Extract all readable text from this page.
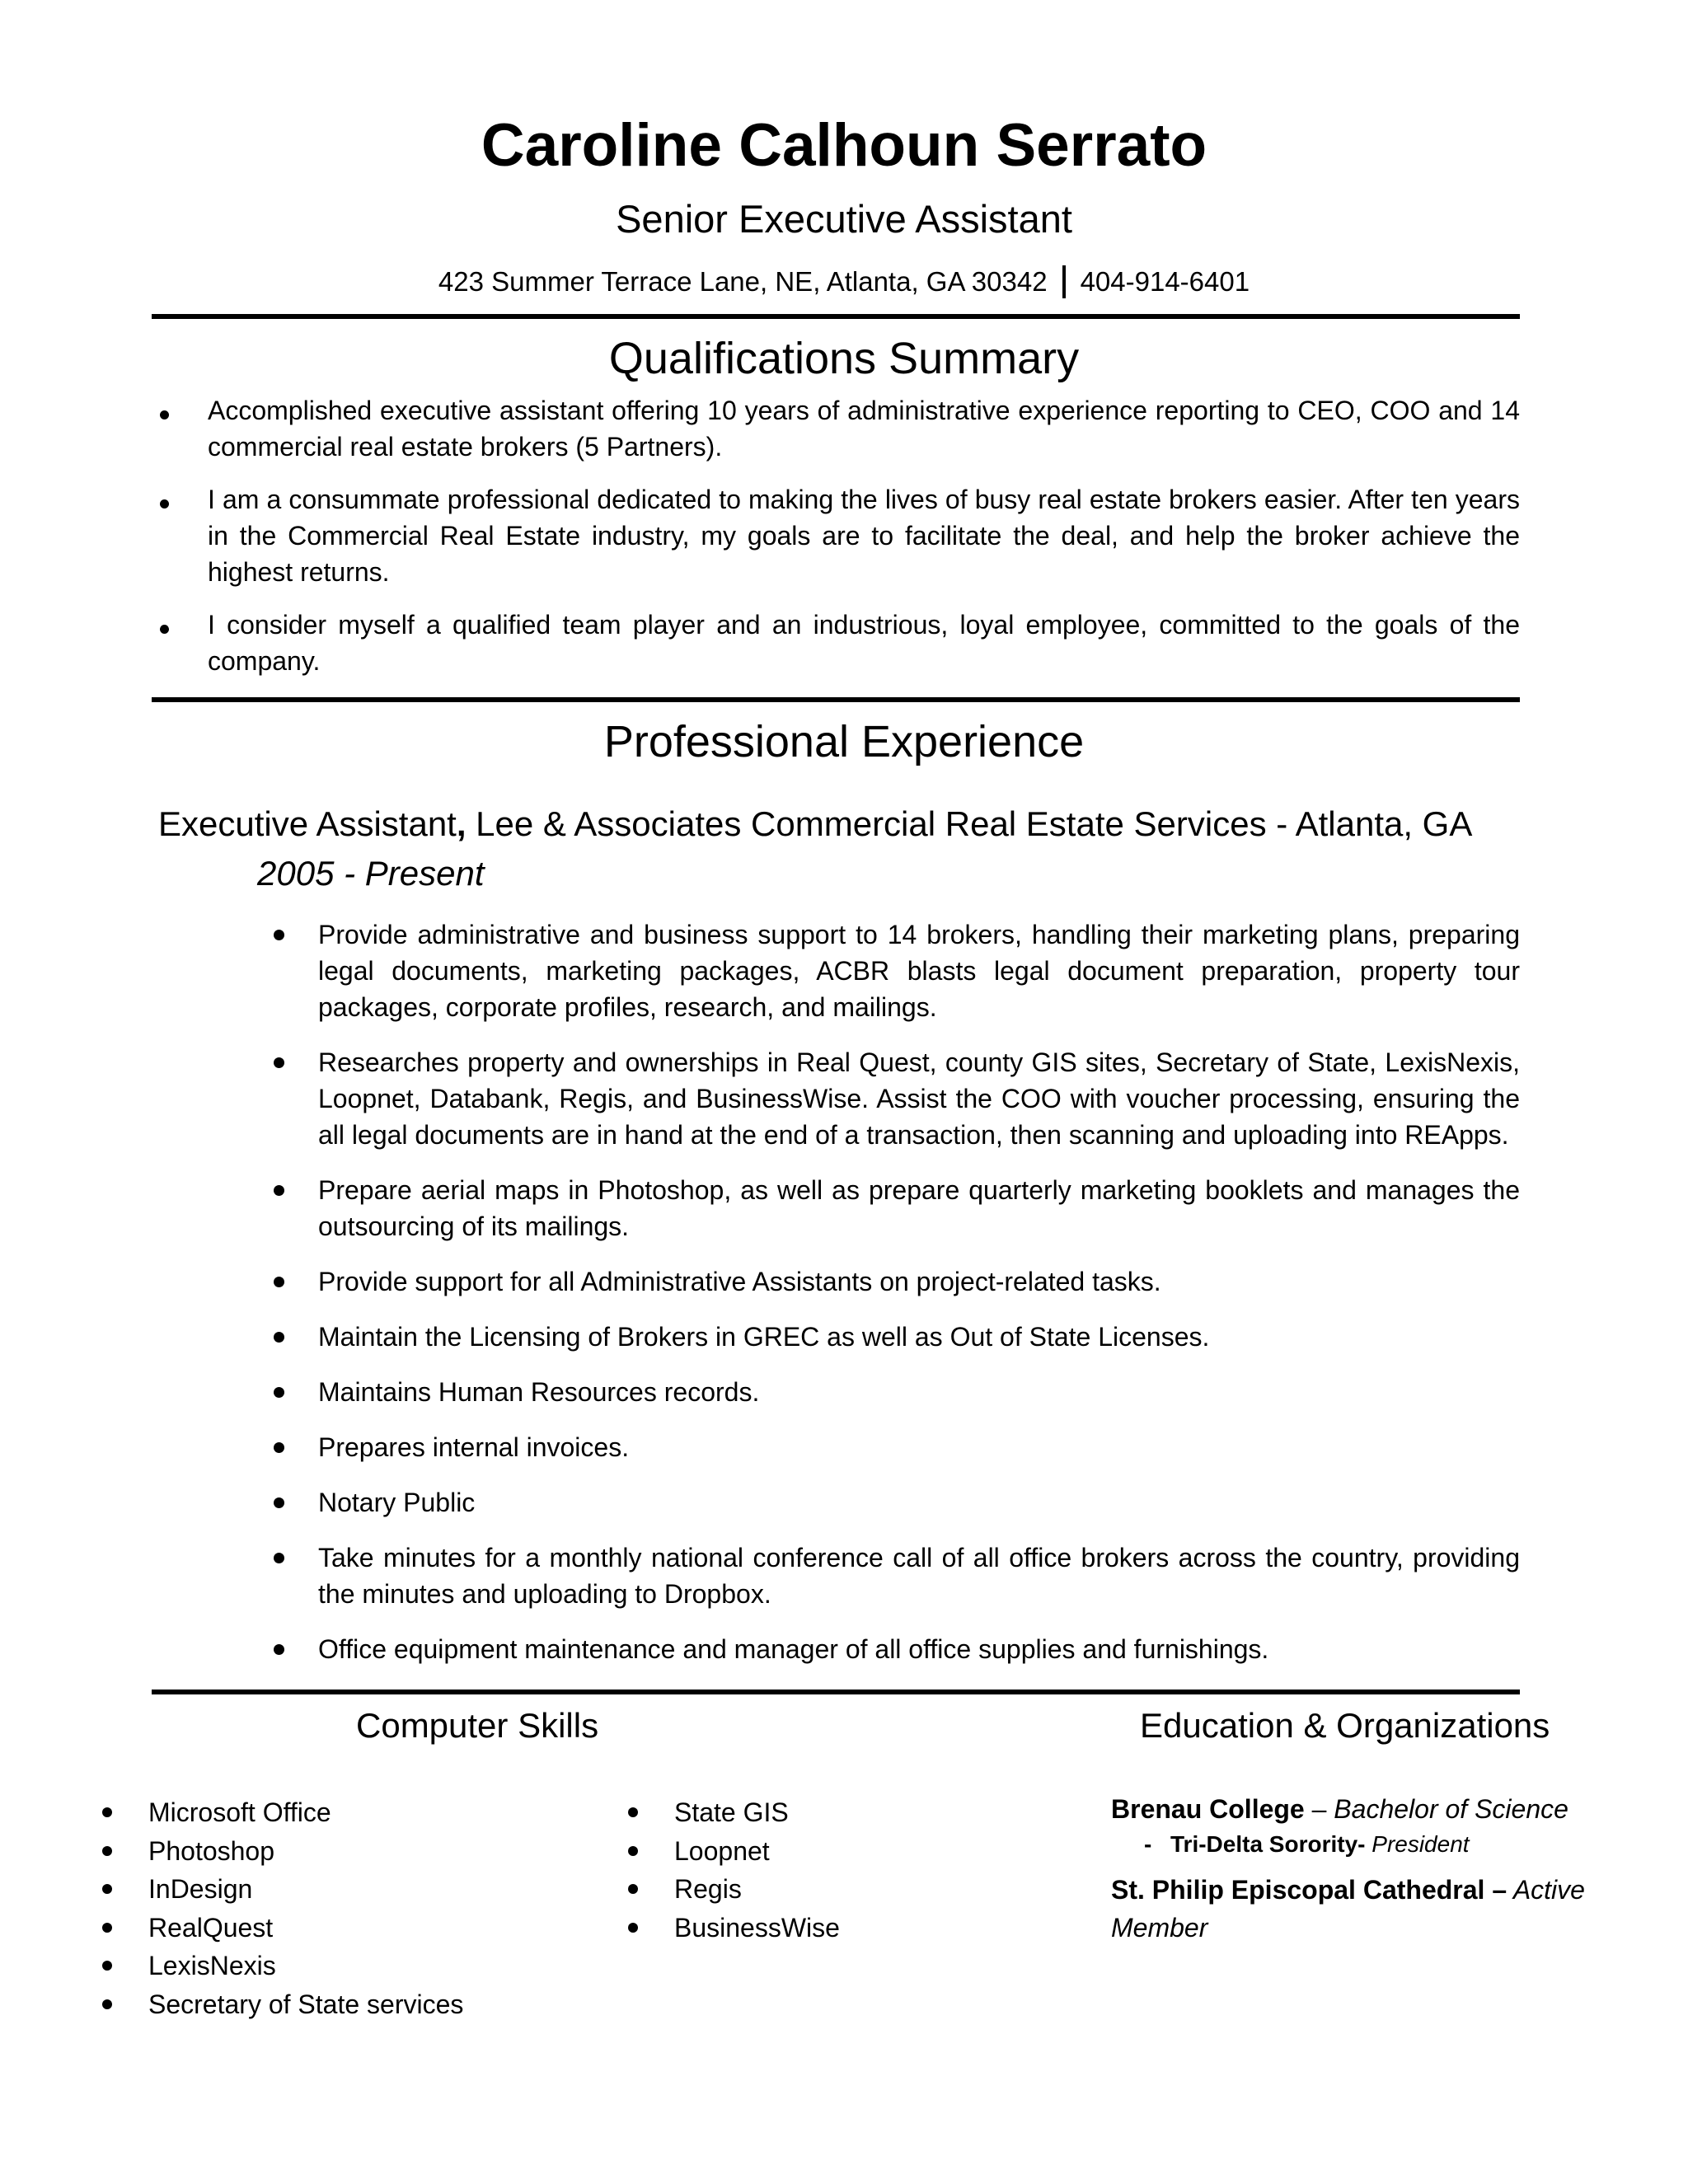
Caroline Calhoun Serrato
Senior Executive Assistant
423 Summer Terrace Lane, NE, Atlanta, GA 30342 404-914-6401
Qualifications Summary
Accomplished executive assistant offering 10 years of administrative experience reporting to CEO, COO and 14 commercial real estate brokers (5 Partners).
I am a consummate professional dedicated to making the lives of busy real estate brokers easier. After ten years in the Commercial Real Estate industry, my goals are to facilitate the deal, and help the broker achieve the highest returns.
I consider myself a qualified team player and an industrious, loyal employee, committed to the goals of the company.
Professional Experience
Executive Assistant, Lee & Associates Commercial Real Estate Services - Atlanta, GA
2005 - Present
Provide administrative and business support to 14 brokers, handling their marketing plans, preparing legal documents, marketing packages, ACBR blasts legal document preparation, property tour packages, corporate profiles, research, and mailings.
Researches property and ownerships in Real Quest, county GIS sites, Secretary of State, LexisNexis, Loopnet, Databank, Regis, and BusinessWise. Assist the COO with voucher processing, ensuring the all legal documents are in hand at the end of a transaction, then scanning and uploading into REApps.
Prepare aerial maps in Photoshop, as well as prepare quarterly marketing booklets and manages the outsourcing of its mailings.
Provide support for all Administrative Assistants on project-related tasks.
Maintain the Licensing of Brokers in GREC as well as Out of State Licenses.
Maintains Human Resources records.
Prepares internal invoices.
Notary Public
Take minutes for a monthly national conference call of all office brokers across the country, providing the minutes and uploading to Dropbox.
Office equipment maintenance and manager of all office supplies and furnishings.
Computer Skills	Education & Organizations
Microsoft Office
Photoshop
InDesign
RealQuest
LexisNexis
Secretary of State services
State GIS
Loopnet
Regis
BusinessWise
Brenau College – Bachelor of Science
- Tri-Delta Sorority- President
St. Philip Episcopal Cathedral – Active Member
